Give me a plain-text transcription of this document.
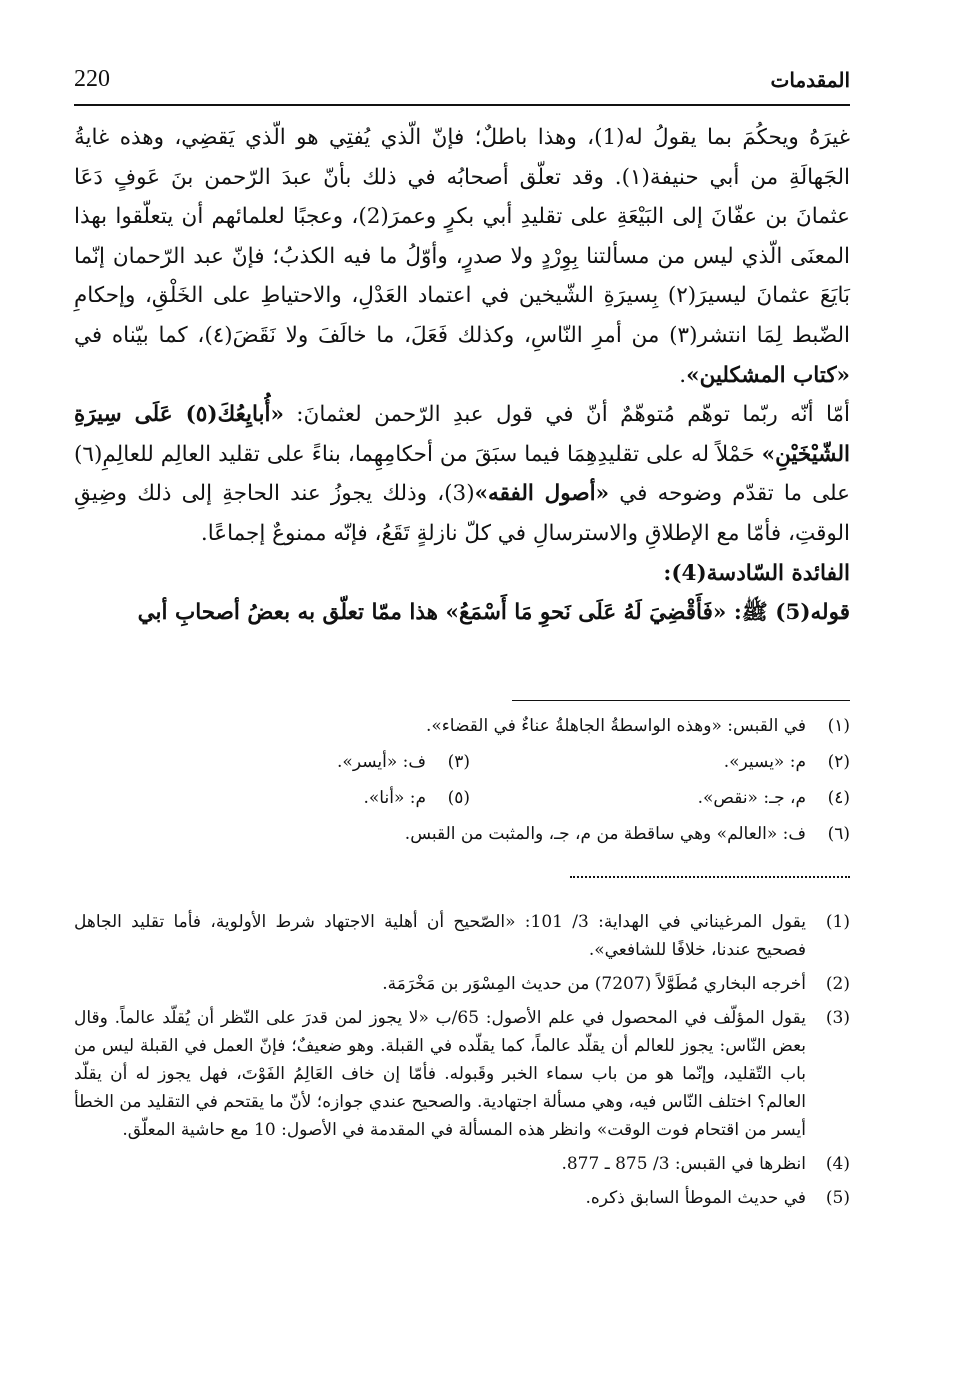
220	المقدمات

غيرَهُ ويحكُمَ بما يقولُ له(1)، وهذا باطلٌ؛ فإنّ الّذي يُفتِي هو الّذي يَقضِي، وهذه غايةُ الجَهالَةِ من أبي حنيفة(١). وقد تعلّق أصحابُه في ذلك بأنّ عبدَ الرّحمن بنَ عَوفٍ دَعَا عثمانَ بن عفّانَ إلى البَيْعَةِ على تقليدِ أبي بكرٍ وعمرَ(2)، وعجبًا لعلمائهم أن يتعلّقوا بهذا المعنَى الّذي ليس من مسألتنا بِوِرْدٍ ولا صدرٍ، وأوّلُ ما فيه الكذبُ؛ فإنّ عبد الرّحمان إنّما بَايَعَ عثمانَ ليسيرَ(٢) بِسيرَةِ الشّيخين في اعتماد العَدْلِ، والاحتياطِ على الخَلْقِ، وإحكامِ الضّبط لِمَا انتشر(٣) من أمرِ النّاسِ، وكذلك فَعَلَ، ما خالَفَ ولا نَقَضَ(٤)، كما بيّناه في «كتاب المشكلين».

أمّا أنّه ربّما توهّم مُتوهّمٌ أنّ في قول عبدِ الرّحمن لعثمانَ: «أُبايِعُكَ(٥) عَلَى سِيرَةِ الشّيْخَيْنِ» حَمْلاً له على تقليدِهِمَا فيما سبَقَ من أحكامِهِما، بناءً على تقليد العالِم للعالِمِ(٦) على ما تقدّم وضوحه في «أصول الفقه»(3)، وذلك يجوزُ عند الحاجةِ إلى ذلك وضِيقِ الوقتِ، فأمّا مع الإطلاقِ والاسترسالِ في كلّ نازلةٍ تَقَعُ، فإنّه ممنوعٌ إجماعًا.

الفائدة السّادسة(4):

قوله(5) ﷺ: «فَأَقْضِيَ لَهُ عَلَى نَحوِ مَا أَسْمَعُ» هذا ممّا تعلّق به بعضُ أصحابِ أبي

(١)
في القبس: «وهذه الواسطةُ الجاهلةُ عناءٌ في القضاء».
(٢)
م: «يسير».
(٣)
ف: «أيسر».
(٤)
م، جـ: «نقص».
(٥)
م: «أنا».
(٦)
ف: «العالم» وهي ساقطة من م، جـ، والمثبت من القبس.
(1)
يقول المرغيناني في الهداية: 3/ 101: «الصّحيح أن أهلية الاجتهاد شرط الأولوية، فأما تقليد الجاهل فصحيح عندنا، خلافًا للشافعي».
(2)
أخرجه البخاري مُطَوَّلاً (7207) من حديث المِسْوَر بن مَخْرَمَة.
(3)
يقول المؤلّف في المحصول في علم الأصول: 65/ب «لا يجوز لمن قدرَ على النّظر أن يُقلّد عالماً. وقال بعض النّاس: يجوز للعالم أن يقلّد عالماً، كما يقلّده في القبلة. وهو ضعيفٌ؛ فإنّ العمل في القبلة ليس من باب التّقليد، وإنّما هو من باب سماء الخبر وقَبوله. فأمّا إن خاف العَالِمُ الفَوْتَ، فهل يجوز له أن يقلّد العالم؟ اختلف النّاس فيه، وهي مسألة اجتهادية. والصحيح عندي جوازه؛ لأنّ ما يقتحم في التقليد من الخطأ أيسر من اقتحام فوت الوقت» وانظر هذه المسألة في المقدمة في الأصول: 10 مع حاشية المعلّق.
(4)
انظرها في القبس: 3/ 875 ـ 877.
(5)
في حديث الموطأ السابق ذكره.
